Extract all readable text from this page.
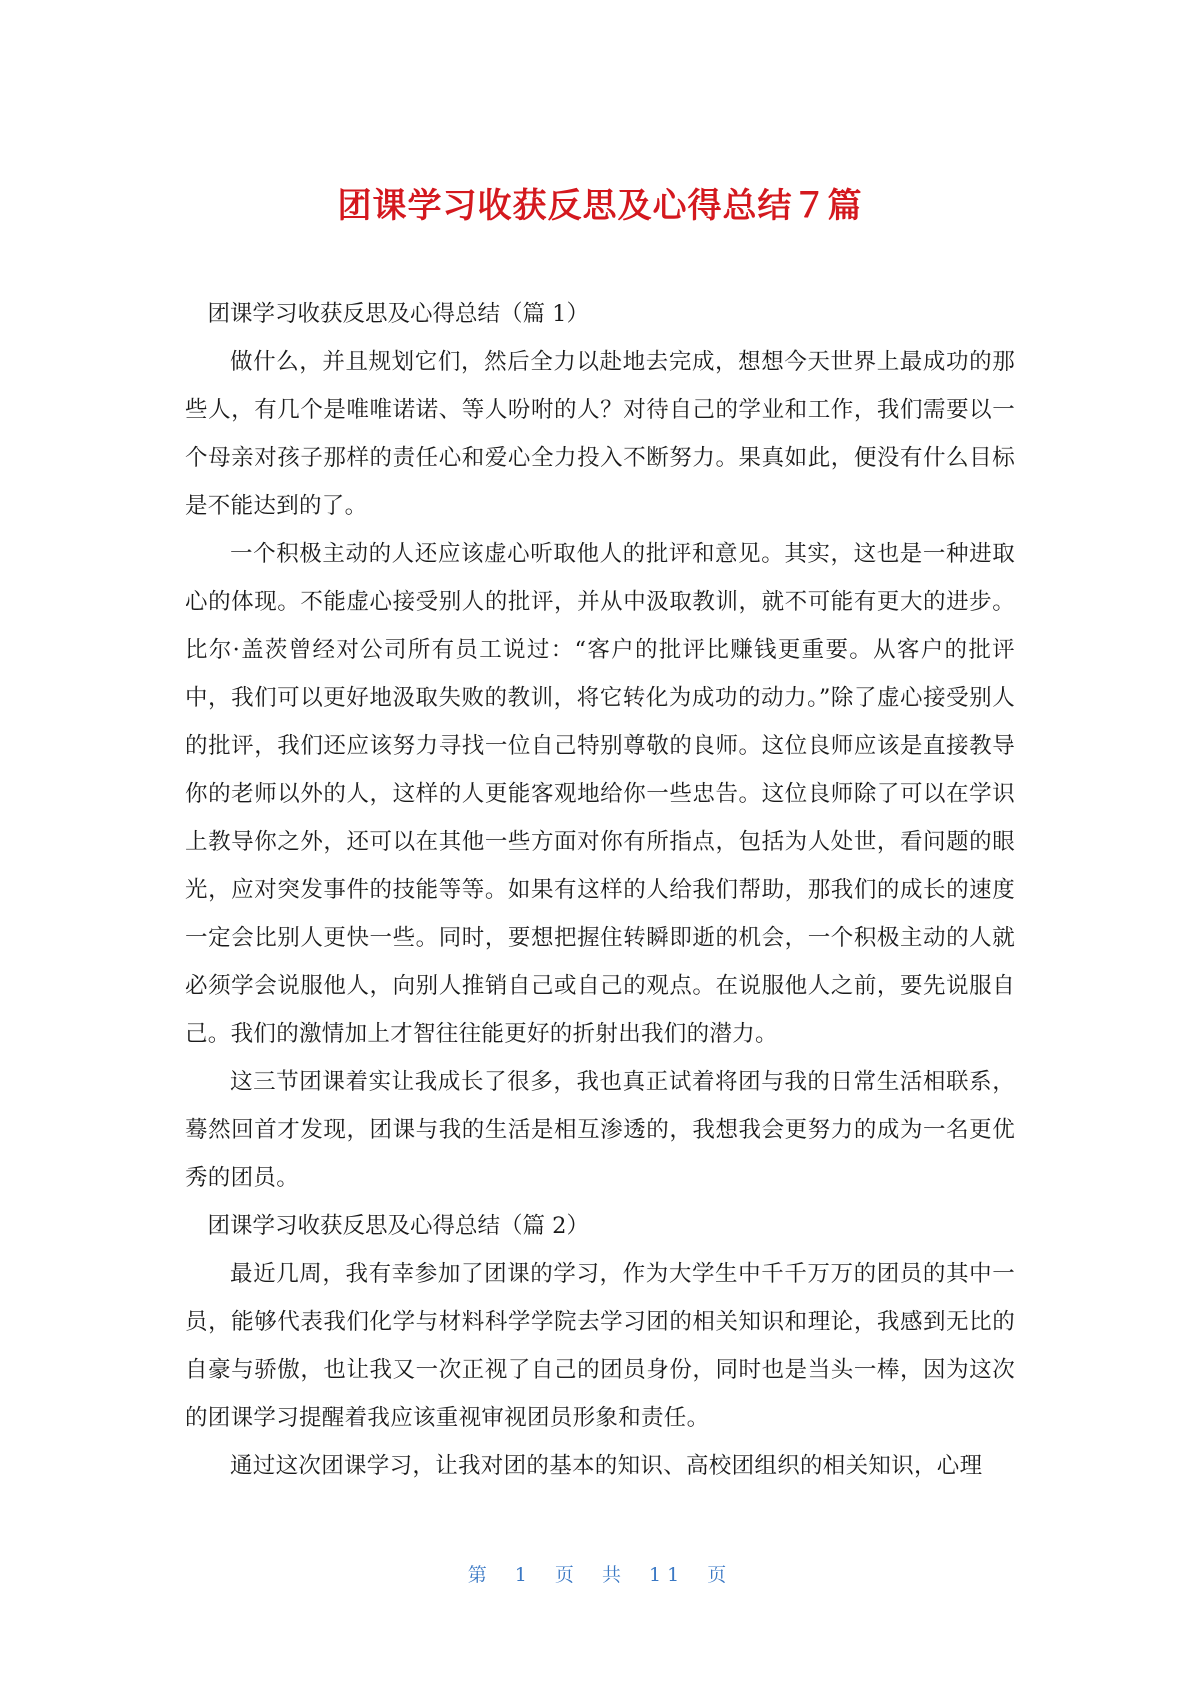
团课学习收获反思及心得总结７篇

团课学习收获反思及心得总结（篇 1）

做什么，并且规划它们，然后全力以赴地去完成，想想今天世界上最成功的那些人，有几个是唯唯诺诺、等人吩咐的人？对待自己的学业和工作，我们需要以一个母亲对孩子那样的责任心和爱心全力投入不断努力。果真如此，便没有什么目标是不能达到的了。

一个积极主动的人还应该虚心听取他人的批评和意见。其实，这也是一种进取心的体现。不能虚心接受别人的批评，并从中汲取教训，就不可能有更大的进步。比尔·盖茨曾经对公司所有员工说过：“客户的批评比赚钱更重要。从客户的批评中，我们可以更好地汲取失败的教训，将它转化为成功的动力。”除了虚心接受别人的批评，我们还应该努力寻找一位自己特别尊敬的良师。这位良师应该是直接教导你的老师以外的人，这样的人更能客观地给你一些忠告。这位良师除了可以在学识上教导你之外，还可以在其他一些方面对你有所指点，包括为人处世，看问题的眼光，应对突发事件的技能等等。如果有这样的人给我们帮助，那我们的成长的速度一定会比别人更快一些。同时，要想把握住转瞬即逝的机会，一个积极主动的人就必须学会说服他人，向别人推销自己或自己的观点。在说服他人之前，要先说服自己。我们的激情加上才智往往能更好的折射出我们的潜力。

这三节团课着实让我成长了很多，我也真正试着将团与我的日常生活相联系，蓦然回首才发现，团课与我的生活是相互渗透的，我想我会更努力的成为一名更优秀的团员。

团课学习收获反思及心得总结（篇 2）

最近几周，我有幸参加了团课的学习，作为大学生中千千万万的团员的其中一员，能够代表我们化学与材料科学学院去学习团的相关知识和理论，我感到无比的自豪与骄傲，也让我又一次正视了自己的团员身份，同时也是当头一棒，因为这次的团课学习提醒着我应该重视审视团员形象和责任。

通过这次团课学习，让我对团的基本的知识、高校团组织的相关知识，心理

第 1 页 共 11 页
